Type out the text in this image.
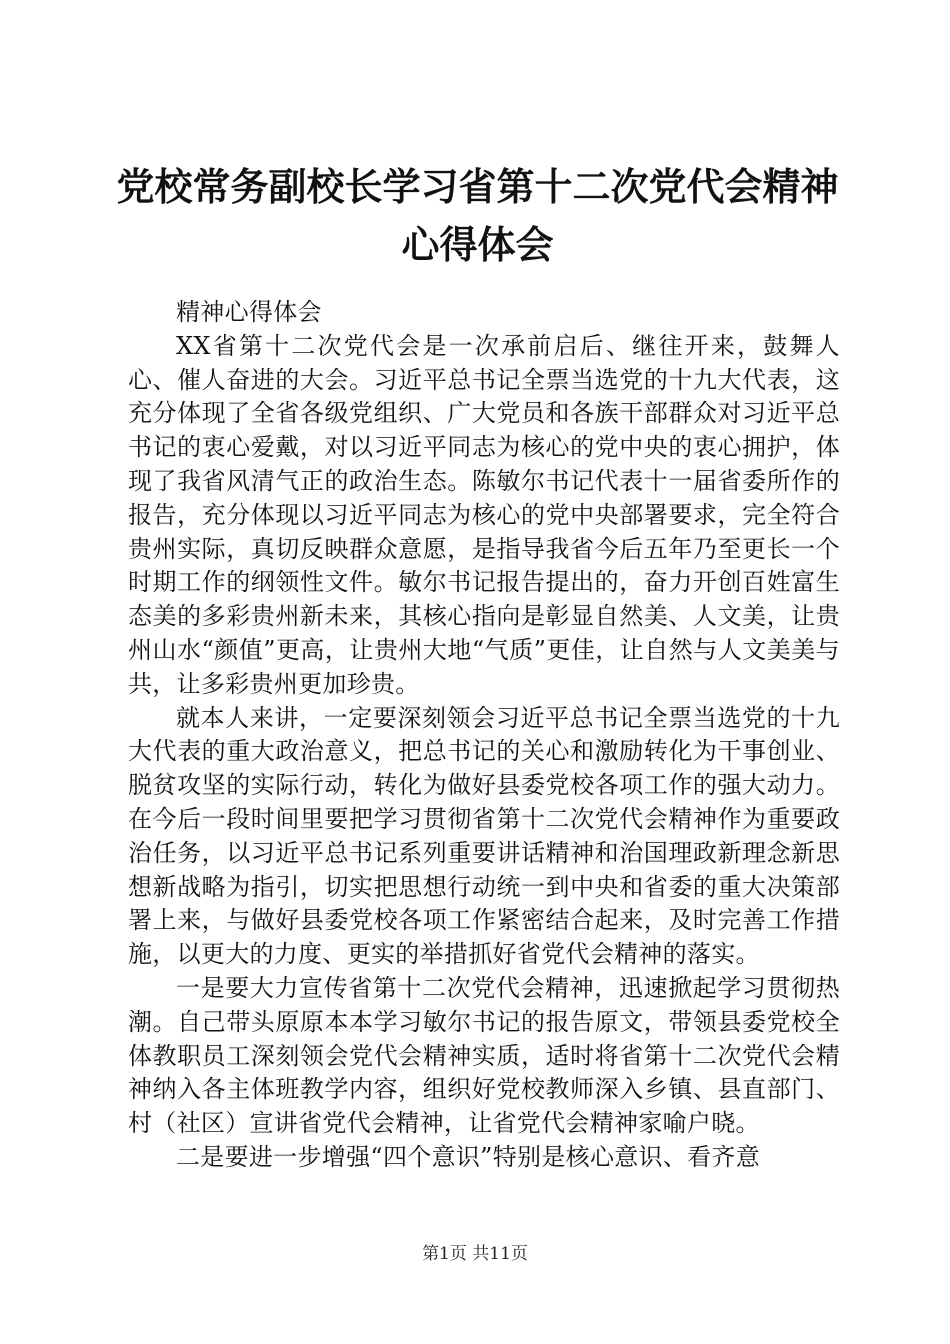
党校常务副校长学习省第十二次党代会精神心得体会

精神心得体会

XX省第十二次党代会是一次承前启后、继往开来，鼓舞人心、催人奋进的大会。习近平总书记全票当选党的十九大代表，这充分体现了全省各级党组织、广大党员和各族干部群众对习近平总书记的衷心爱戴，对以习近平同志为核心的党中央的衷心拥护，体现了我省风清气正的政治生态。陈敏尔书记代表十一届省委所作的报告，充分体现以习近平同志为核心的党中央部署要求，完全符合贵州实际，真切反映群众意愿，是指导我省今后五年乃至更长一个时期工作的纲领性文件。敏尔书记报告提出的，奋力开创百姓富生态美的多彩贵州新未来，其核心指向是彰显自然美、人文美，让贵州山水“颜值”更高，让贵州大地“气质”更佳，让自然与人文美美与共，让多彩贵州更加珍贵。

就本人来讲，一定要深刻领会习近平总书记全票当选党的十九大代表的重大政治意义，把总书记的关心和激励转化为干事创业、脱贫攻坚的实际行动，转化为做好县委党校各项工作的强大动力。在今后一段时间里要把学习贯彻省第十二次党代会精神作为重要政治任务，以习近平总书记系列重要讲话精神和治国理政新理念新思想新战略为指引，切实把思想行动统一到中央和省委的重大决策部署上来，与做好县委党校各项工作紧密结合起来，及时完善工作措施，以更大的力度、更实的举措抓好省党代会精神的落实。

一是要大力宣传省第十二次党代会精神，迅速掀起学习贯彻热潮。自己带头原原本本学习敏尔书记的报告原文，带领县委党校全体教职员工深刻领会党代会精神实质，适时将省第十二次党代会精神纳入各主体班教学内容，组织好党校教师深入乡镇、县直部门、村（社区）宣讲省党代会精神，让省党代会精神家喻户晓。

二是要进一步增强“四个意识”特别是核心意识、看齐意

第1页 共11页
